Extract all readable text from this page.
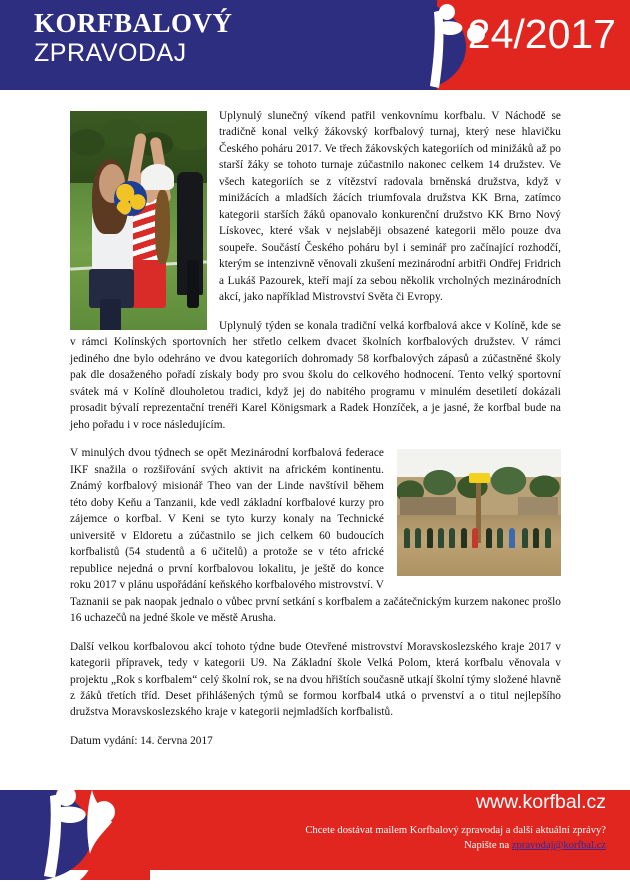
KORFBALOVÝ
ZPRAVODAJ	24/2017

Uplynulý slunečný víkend patřil venkovnímu korfbalu. V Náchodě se tradičně konal velký žákovský korfbalový turnaj, který nese hlavičku Českého poháru 2017. Ve třech žákovských kategoriích od minižáků až po starší žáky se tohoto turnaje zúčastnilo nakonec celkem 14 družstev. Ve všech kategoriích se z vítězství radovala brněnská družstva, když v minižácích a mladších žácích triumfovala družstva KK Brna, zatímco kategorii starších žáků opanovalo konkurenční družstvo KK Brno Nový Lískovec, které však v nejslaběji obsazené kategorii mělo pouze dva soupeře. Součástí Českého poháru byl i seminář pro začínající rozhodčí, kterým se intenzivně věnovali zkušení mezinárodní arbitři Ondřej Fridrich a Lukáš Pazourek, kteří mají za sebou několik vrcholných mezinárodních akcí, jako například Mistrovství Světa či Evropy.

Uplynulý týden se konala tradiční velká korfbalová akce v Kolíně, kde se v rámci Kolínských sportovních her střetlo celkem dvacet školních korfbalových družstev. V rámci jediného dne bylo odehráno ve dvou kategoriích dohromady 58 korfbalových zápasů a zúčastněné školy pak dle dosaženého pořadí získaly body pro svou školu do celkového hodnocení. Tento velký sportovní svátek má v Kolíně dlouholetou tradici, když jej do nabitého programu v minulém desetiletí dokázali prosadit bývalí reprezentační trenéři Karel Königsmark a Radek Honzíček, a je jasné, že korfbal bude na jeho pořadu i v roce následujícím.

V minulých dvou týdnech se opět Mezinárodní korfbalová federace IKF snažila o rozšiřování svých aktivit na africkém kontinentu. Známý korfbalový misionář Theo van der Linde navštívil během této doby Keňu a Tanzanii, kde vedl základní korfbalové kurzy pro zájemce o korfbal. V Keni se tyto kurzy konaly na Technické universitě v Eldoretu a zúčastnilo se jich celkem 60 budoucích korfbalistů (54 studentů a 6 učitelů) a protože se v této africké republice nejedná o první korfbalovou lokalitu, je ještě do konce roku 2017 v plánu uspořádání keňského korfbalového mistrovství. V Taznanii se pak naopak jednalo o vůbec první setkání s korfbalem a začátečnickým kurzem nakonec prošlo 16 uchazečů na jedné škole ve městě Arusha.

Další velkou korfbalovou akcí tohoto týdne bude Otevřené mistrovství Moravskoslezského kraje 2017 v kategorii přípravek, tedy v kategorii U9. Na Základní škole Velká Polom, která korfbalu věnovala v projektu „Rok s korfbalem“ celý školní rok, se na dvou hřištích současně utkají školní týmy složené hlavně z žáků třetích tříd. Deset přihlášených týmů se formou korfbal4 utká o prvenství a o titul nejlepšího družstva Moravskoslezského kraje v kategorii nejmladších korfbalistů.

Datum vydání: 14. června 2017

www.korfbal.cz
Chcete dostávat mailem Korfbalový zpravodaj a další aktuální zprávy?
Napište na zpravodaj@korfbal.cz
